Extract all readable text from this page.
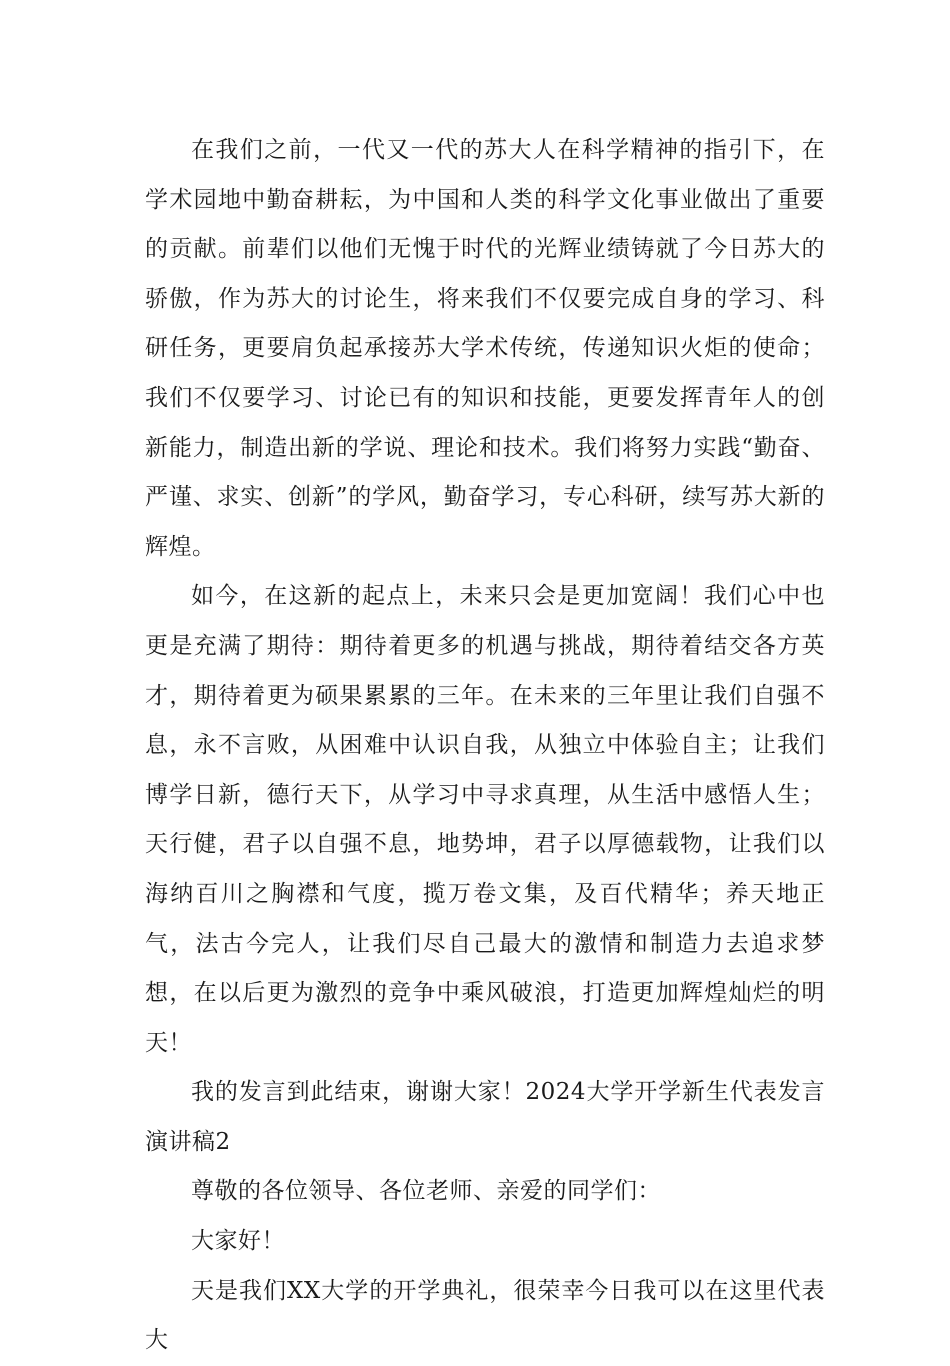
在我们之前，一代又一代的苏大人在科学精神的指引下，在学术园地中勤奋耕耘，为中国和人类的科学文化事业做出了重要的贡献。前辈们以他们无愧于时代的光辉业绩铸就了今日苏大的骄傲，作为苏大的讨论生，将来我们不仅要完成自身的学习、科研任务，更要肩负起承接苏大学术传统，传递知识火炬的使命；我们不仅要学习、讨论已有的知识和技能，更要发挥青年人的创新能力，制造出新的学说、理论和技术。我们将努力实践“勤奋、严谨、求实、创新”的学风，勤奋学习，专心科研，续写苏大新的辉煌。

如今，在这新的起点上，未来只会是更加宽阔！我们心中也更是充满了期待：期待着更多的机遇与挑战，期待着结交各方英才，期待着更为硕果累累的三年。在未来的三年里让我们自强不息，永不言败，从困难中认识自我，从独立中体验自主；让我们博学日新，德行天下，从学习中寻求真理，从生活中感悟人生；天行健，君子以自强不息，地势坤，君子以厚德载物，让我们以海纳百川之胸襟和气度，揽万卷文集，及百代精华；养天地正气，法古今完人，让我们尽自己最大的激情和制造力去追求梦想，在以后更为激烈的竞争中乘风破浪，打造更加辉煌灿烂的明天！

我的发言到此结束，谢谢大家！2024大学开学新生代表发言演讲稿2

尊敬的各位领导、各位老师、亲爱的同学们：

大家好！

天是我们XX大学的开学典礼，很荣幸今日我可以在这里代表大
